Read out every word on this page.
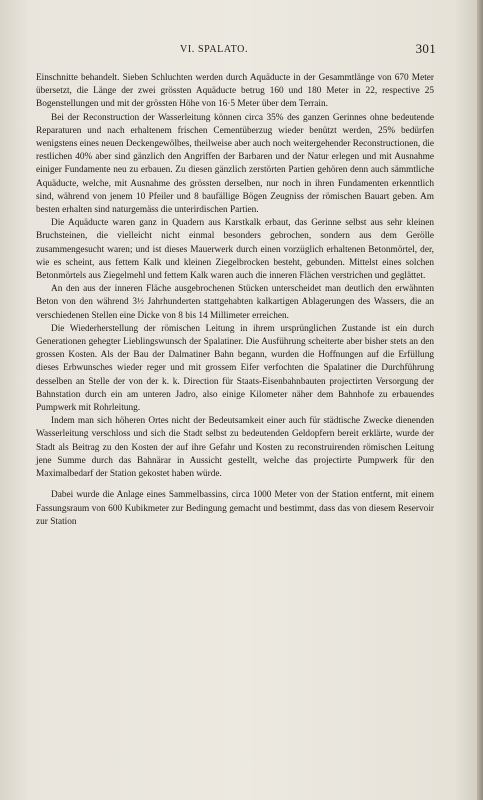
VI. SPALATO.	301

Einschnitte behandelt. Sieben Schluchten werden durch Aquäducte in der Gesammtlänge von 670 Meter übersetzt, die Länge der zwei grössten Aquäducte betrug 160 und 180 Meter in 22, respective 25 Bogenstellungen und mit der grössten Höhe von 16·5 Meter über dem Terrain.

Bei der Reconstruction der Wasserleitung können circa 35% des ganzen Gerinnes ohne bedeutende Reparaturen und nach erhaltenem frischen Cementüberzug wieder benützt werden, 25% bedürfen wenigstens eines neuen Deckengewölbes, theilweise aber auch noch weitergehender Reconstructionen, die restlichen 40% aber sind gänzlich den Angriffen der Barbaren und der Natur erlegen und mit Ausnahme einiger Fundamente neu zu erbauen. Zu diesen gänzlich zerstörten Partien gehören denn auch sämmtliche Aquäducte, welche, mit Ausnahme des grössten derselben, nur noch in ihren Fundamenten erkenntlich sind, während von jenem 10 Pfeiler und 8 baufällige Bögen Zeugniss der römischen Bauart geben. Am besten erhalten sind naturgemäss die unterirdischen Partien.

Die Aquäducte waren ganz in Quadern aus Karstkalk erbaut, das Gerinne selbst aus sehr kleinen Bruchsteinen, die vielleicht nicht einmal besonders gebrochen, sondern aus dem Gerölle zusammengesucht waren; und ist dieses Mauerwerk durch einen vorzüglich erhaltenen Betonmörtel, der, wie es scheint, aus fettem Kalk und kleinen Ziegelbrocken besteht, gebunden. Mittelst eines solchen Betonmörtels aus Ziegelmehl und fettem Kalk waren auch die inneren Flächen verstrichen und geglättet.

An den aus der inneren Fläche ausgebrochenen Stücken unterscheidet man deutlich den erwähnten Beton von den während 3½ Jahrhunderten stattgehabten kalkartigen Ablagerungen des Wassers, die an verschiedenen Stellen eine Dicke von 8 bis 14 Millimeter erreichen.

Die Wiederherstellung der römischen Leitung in ihrem ursprünglichen Zustande ist ein durch Generationen gehegter Lieblingswunsch der Spalatiner. Die Ausführung scheiterte aber bisher stets an den grossen Kosten. Als der Bau der Dalmatiner Bahn begann, wurden die Hoffnungen auf die Erfüllung dieses Erbwunsches wieder reger und mit grossem Eifer verfochten die Spalatiner die Durchführung desselben an Stelle der von der k. k. Direction für Staats-Eisenbahnbauten projectirten Versorgung der Bahnstation durch ein am unteren Jadro, also einige Kilometer näher dem Bahnhofe zu erbauendes Pumpwerk mit Rohrleitung.

Indem man sich höheren Ortes nicht der Bedeutsamkeit einer auch für städtische Zwecke dienenden Wasserleitung verschloss und sich die Stadt selbst zu bedeutenden Geldopfern bereit erklärte, wurde der Stadt als Beitrag zu den Kosten der auf ihre Gefahr und Kosten zu reconstruirenden römischen Leitung jene Summe durch das Bahnärar in Aussicht gestellt, welche das projectirte Pumpwerk für den Maximalbedarf der Station gekostet haben würde.

Dabei wurde die Anlage eines Sammelbassins, circa 1000 Meter von der Station entfernt, mit einem Fassungsraum von 600 Kubikmeter zur Bedingung gemacht und bestimmt, dass das von diesem Reservoir zur Station
